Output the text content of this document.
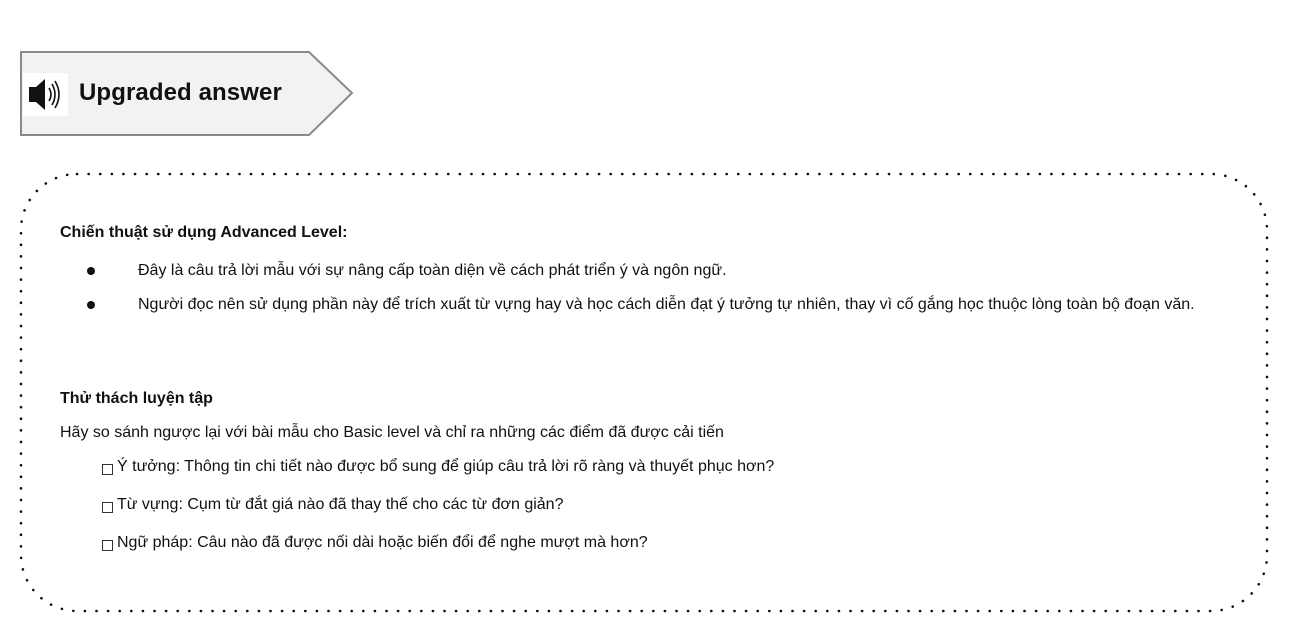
Upgraded answer
Chiến thuật sử dụng Advanced Level:
Đây là câu trả lời mẫu với sự nâng cấp toàn diện về cách phát triển ý và ngôn ngữ.
Người đọc nên sử dụng phần này để trích xuất từ vựng hay và học cách diễn đạt ý tưởng tự nhiên, thay vì cố gắng học thuộc lòng toàn bộ đoạn văn.
Thử thách luyện tập
Hãy so sánh ngược lại với bài mẫu cho Basic level và chỉ ra những các điểm đã được cải tiến
Ý tưởng: Thông tin chi tiết nào được bổ sung để giúp câu trả lời rõ ràng và thuyết phục hơn?
Từ vựng: Cụm từ đắt giá nào đã thay thế cho các từ đơn giản?
Ngữ pháp: Câu nào đã được nối dài hoặc biến đổi để nghe mượt mà hơn?
